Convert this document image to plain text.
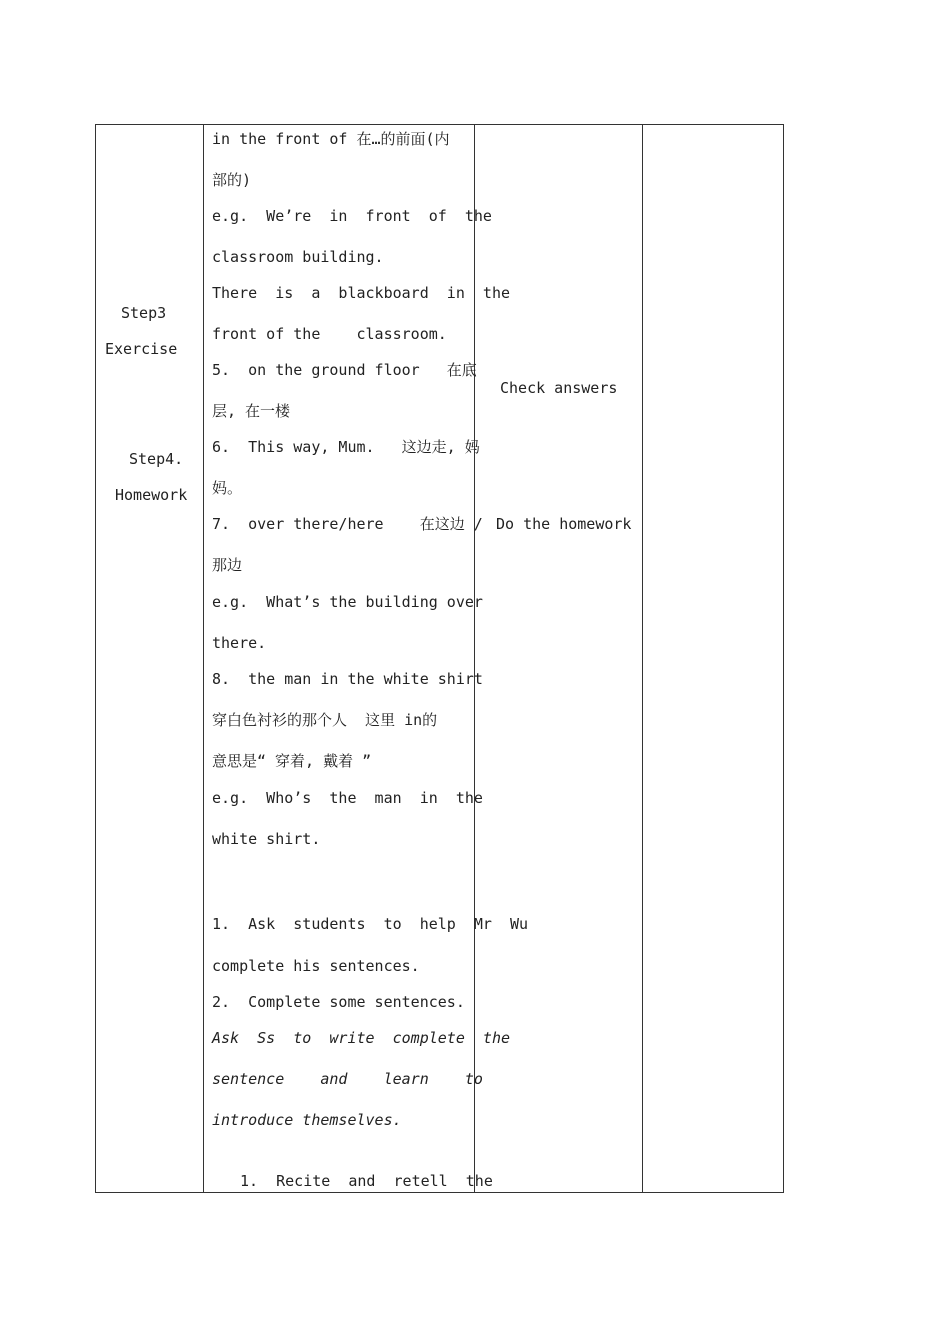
Step3
Exercise
Step4.
Homework
in the front of 在…的前面(内
部的)
e.g.  We’re  in  front  of  the
classroom building.
There  is  a  blackboard  in  the
front of the    classroom.
5.  on the ground floor   在底
层, 在一楼
6.  This way, Mum.   这边走, 妈
妈。
7.  over there/here    在这边 /
那边
e.g.  What’s the building over
there.
8.  the man in the white shirt
穿白色衬衫的那个人  这里 in的
意思是“ 穿着, 戴着 ”
e.g.  Who’s  the  man  in  the
white shirt.
1.  Ask  students  to  help  Mr  Wu
complete his sentences.
2.  Complete some sentences.
Ask  Ss  to  write  complete  the
sentence    and    learn    to
introduce themselves.
1.  Recite  and  retell  the
Check answers
Do the homework
